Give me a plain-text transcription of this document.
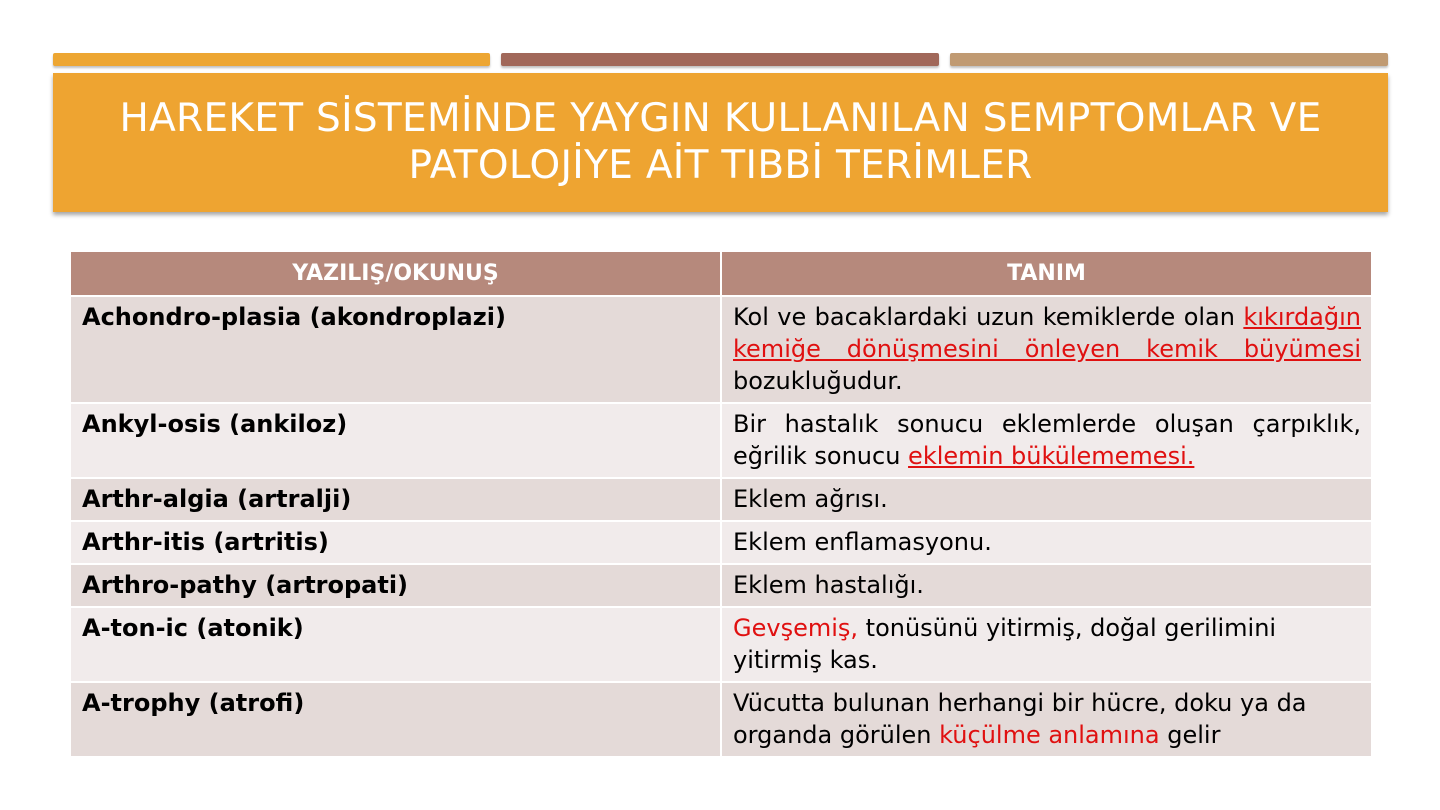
HAREKET SİSTEMİNDE YAYGIN KULLANILAN SEMPTOMLAR VE PATOLOJİYE AİT TIBBİ TERİMLER
YAZILIŞ/OKUNUŞ	TANIM
Achondro-plasia (akondroplazi)	Kol ve bacaklardaki uzun kemiklerde olan kıkırdağın kemiğe dönüşmesini önleyen kemik büyümesi bozukluğudur.
Ankyl-osis (ankiloz)	Bir hastalık sonucu eklemlerde oluşan çarpıklık, eğrilik sonucu eklemin bükülememesi.
Arthr-algia (artralji)	Eklem ağrısı.
Arthr-itis (artritis)	Eklem enflamasyonu.
Arthro-pathy (artropati)	Eklem hastalığı.
A-ton-ic (atonik)	Gevşemiş, tonüsünü yitirmiş, doğal gerilimini yitirmiş kas.
A-trophy (atrofi)	Vücutta bulunan herhangi bir hücre, doku ya da organda görülen küçülme anlamına gelir
